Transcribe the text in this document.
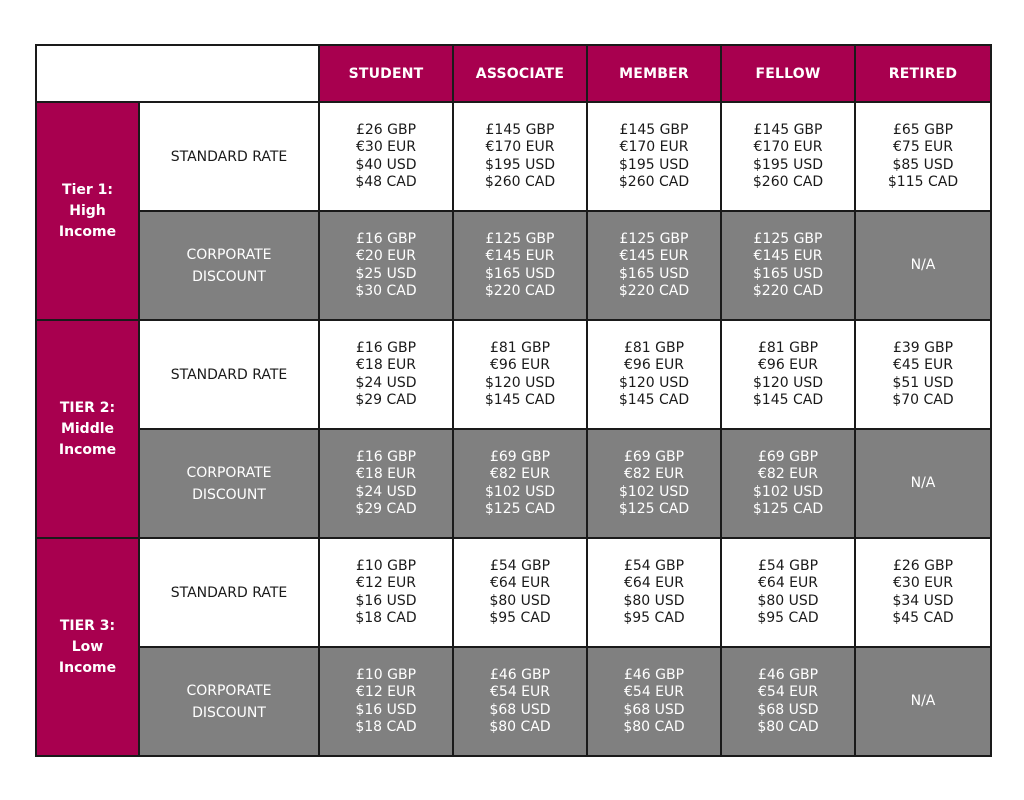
		STUDENT	ASSOCIATE	MEMBER	FELLOW	RETIRED

Tier 1:
High
Income	STANDARD RATE	£26 GBP
€30 EUR
$40 USD
$48 CAD	£145 GBP
€170 EUR
$195 USD
$260 CAD	£145 GBP
€170 EUR
$195 USD
$260 CAD	£145 GBP
€170 EUR
$195 USD
$260 CAD	£65 GBP
€75 EUR
$85 USD
$115 CAD

	CORPORATE
DISCOUNT	£16 GBP
€20 EUR
$25 USD
$30 CAD	£125 GBP
€145 EUR
$165 USD
$220 CAD	£125 GBP
€145 EUR
$165 USD
$220 CAD	£125 GBP
€145 EUR
$165 USD
$220 CAD	N/A

TIER 2:
Middle
Income	STANDARD RATE	£16 GBP
€18 EUR
$24 USD
$29 CAD	£81 GBP
€96 EUR
$120 USD
$145 CAD	£81 GBP
€96 EUR
$120 USD
$145 CAD	£81 GBP
€96 EUR
$120 USD
$145 CAD	£39 GBP
€45 EUR
$51 USD
$70 CAD

	CORPORATE
DISCOUNT	£16 GBP
€18 EUR
$24 USD
$29 CAD	£69 GBP
€82 EUR
$102 USD
$125 CAD	£69 GBP
€82 EUR
$102 USD
$125 CAD	£69 GBP
€82 EUR
$102 USD
$125 CAD	N/A

TIER 3:
Low
Income	STANDARD RATE	£10 GBP
€12 EUR
$16 USD
$18 CAD	£54 GBP
€64 EUR
$80 USD
$95 CAD	£54 GBP
€64 EUR
$80 USD
$95 CAD	£54 GBP
€64 EUR
$80 USD
$95 CAD	£26 GBP
€30 EUR
$34 USD
$45 CAD

	CORPORATE
DISCOUNT	£10 GBP
€12 EUR
$16 USD
$18 CAD	£46 GBP
€54 EUR
$68 USD
$80 CAD	£46 GBP
€54 EUR
$68 USD
$80 CAD	£46 GBP
€54 EUR
$68 USD
$80 CAD	N/A
